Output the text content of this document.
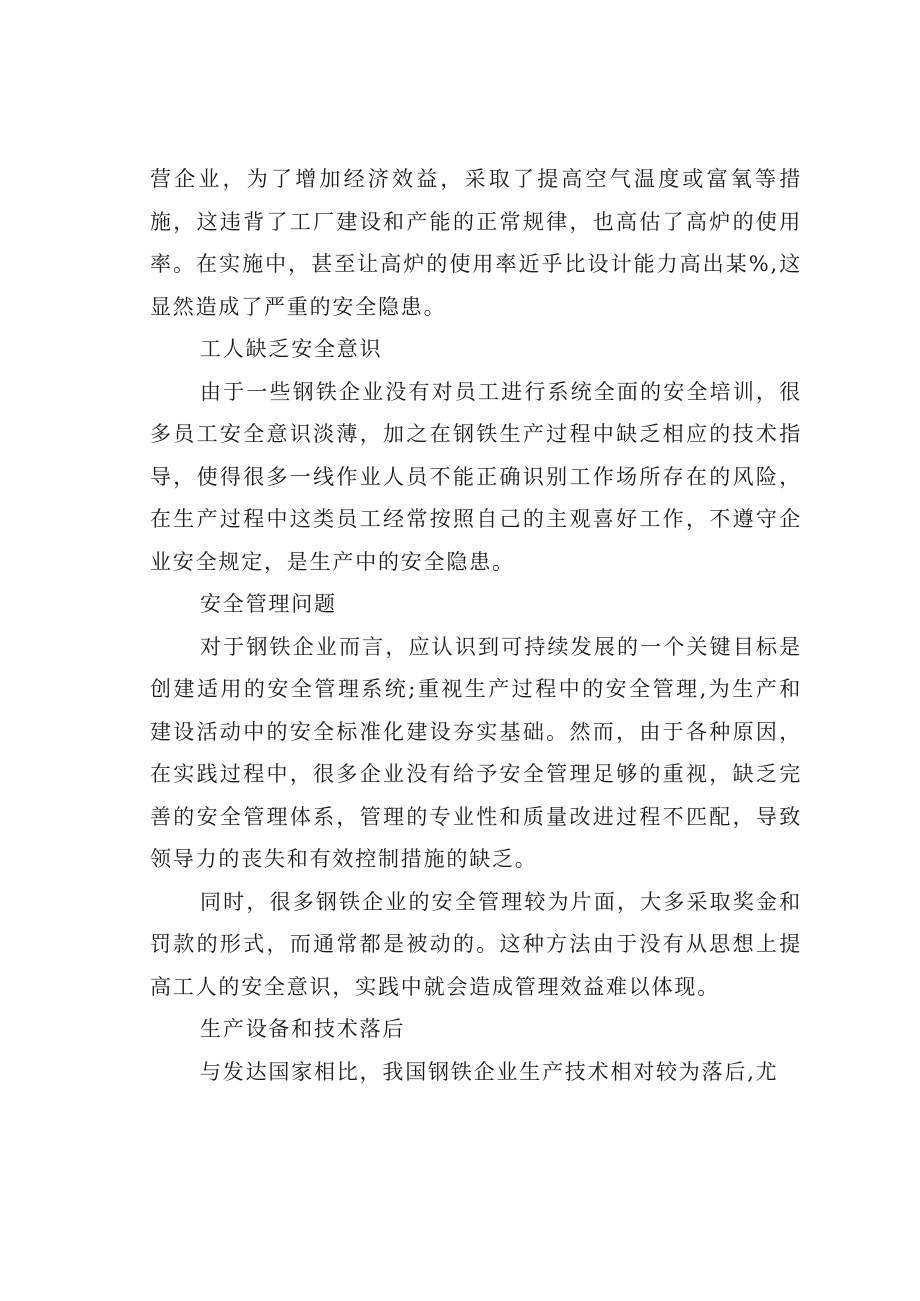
营企业，为了增加经济效益，采取了提高空气温度或富氧等措施，这违背了工厂建设和产能的正常规律，也高估了高炉的使用率。在实施中，甚至让高炉的使用率近乎比设计能力高出某%,这显然造成了严重的安全隐患。

工人缺乏安全意识

由于一些钢铁企业没有对员工进行系统全面的安全培训，很多员工安全意识淡薄，加之在钢铁生产过程中缺乏相应的技术指导，使得很多一线作业人员不能正确识别工作场所存在的风险，在生产过程中这类员工经常按照自己的主观喜好工作，不遵守企业安全规定，是生产中的安全隐患。

安全管理问题

对于钢铁企业而言，应认识到可持续发展的一个关键目标是创建适用的安全管理系统;重视生产过程中的安全管理,为生产和建设活动中的安全标准化建设夯实基础。然而，由于各种原因，在实践过程中，很多企业没有给予安全管理足够的重视，缺乏完善的安全管理体系，管理的专业性和质量改进过程不匹配，导致领导力的丧失和有效控制措施的缺乏。

同时，很多钢铁企业的安全管理较为片面，大多采取奖金和罚款的形式，而通常都是被动的。这种方法由于没有从思想上提高工人的安全意识，实践中就会造成管理效益难以体现。

生产设备和技术落后

与发达国家相比，我国钢铁企业生产技术相对较为落后,尤
